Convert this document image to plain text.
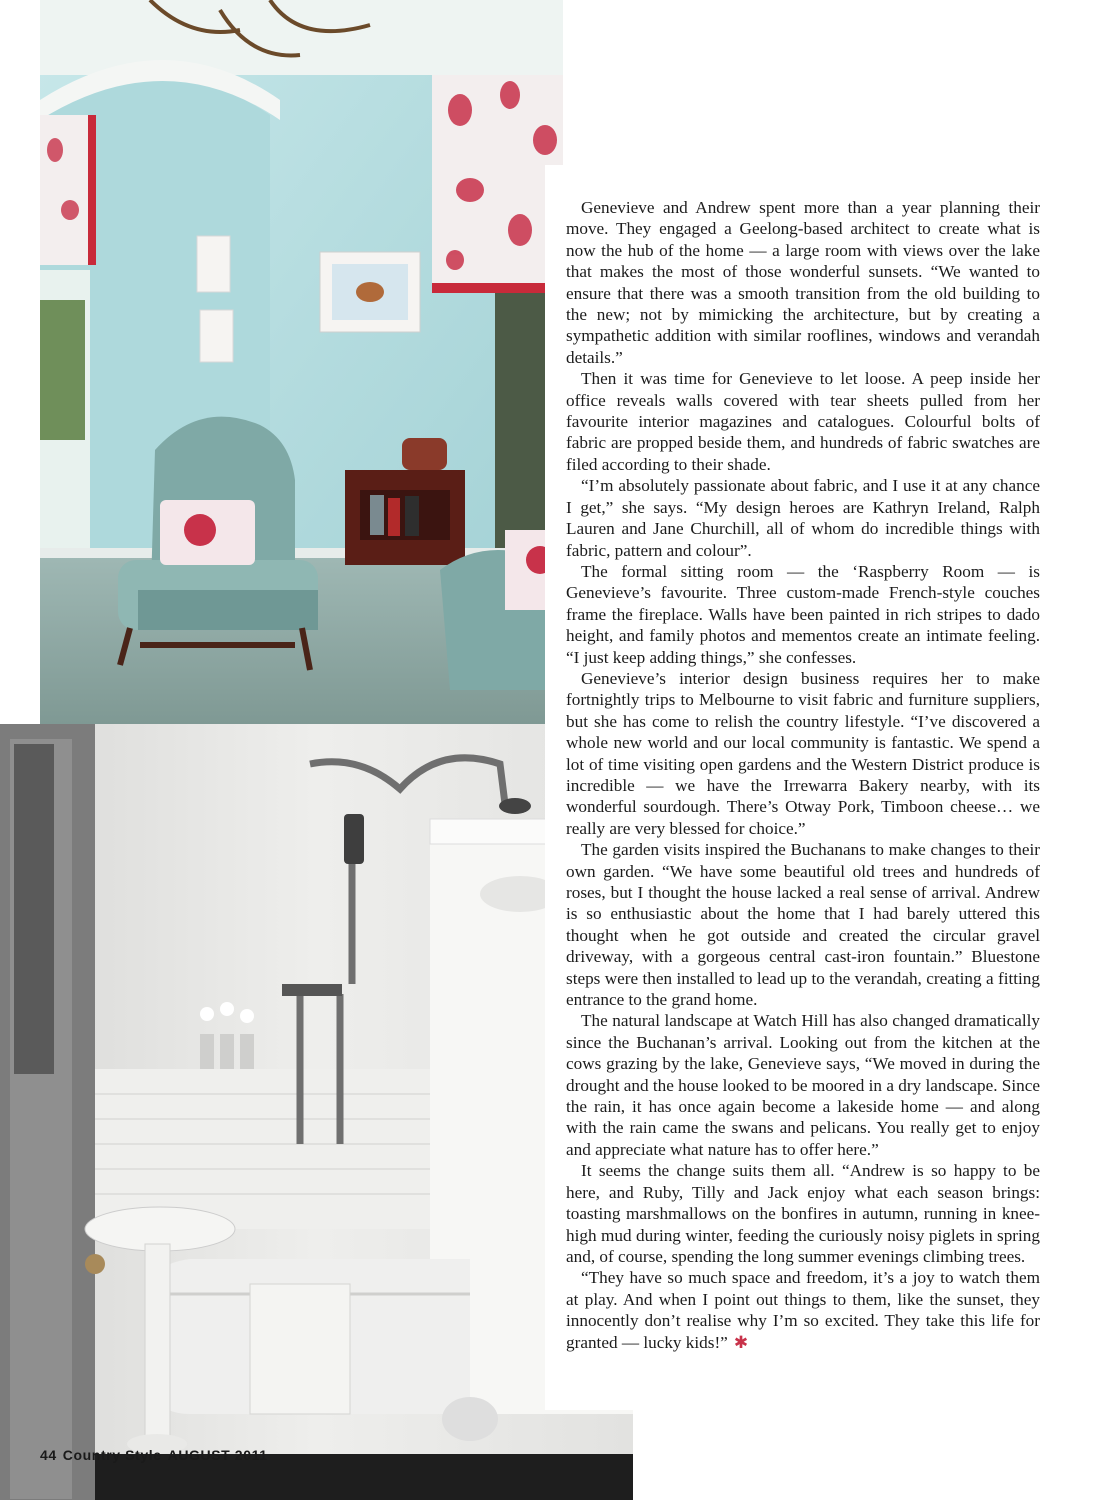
Genevieve and Andrew spent more than a year planning their move. They engaged a Geelong-based architect to create what is now the hub of the home — a large room with views over the lake that makes the most of those wonderful sunsets. “We wanted to ensure that there was a smooth transition from the old building to the new; not by mimicking the architecture, but by creating a sympathetic addition with similar rooflines, windows and verandah details.”

Then it was time for Genevieve to let loose. A peep inside her office reveals walls covered with tear sheets pulled from her favourite interior magazines and catalogues. Colourful bolts of fabric are propped beside them, and hundreds of fabric swatches are filed according to their shade.

“I’m absolutely passionate about fabric, and I use it at any chance I get,” she says. “My design heroes are Kathryn Ireland, Ralph Lauren and Jane Churchill, all of whom do incredible things with fabric, pattern and colour”.

The formal sitting room — the ‘Raspberry Room — is Genevieve’s favourite. Three custom-made French-style couches frame the fireplace. Walls have been painted in rich stripes to dado height, and family photos and mementos create an intimate feeling. “I just keep adding things,” she confesses.

Genevieve’s interior design business requires her to make fortnightly trips to Melbourne to visit fabric and furniture suppliers, but she has come to relish the country lifestyle. “I’ve discovered a whole new world and our local community is fantastic. We spend a lot of time visiting open gardens and the Western District produce is incredible — we have the Irrewarra Bakery nearby, with its wonderful sourdough. There’s Otway Pork, Timboon cheese… we really are very blessed for choice.”

The garden visits inspired the Buchanans to make changes to their own garden. “We have some beautiful old trees and hundreds of roses, but I thought the house lacked a real sense of arrival. Andrew is so enthusiastic about the home that I had barely uttered this thought when he got outside and created the circular gravel driveway, with a gorgeous central cast-iron fountain.” Bluestone steps were then installed to lead up to the verandah, creating a fitting entrance to the grand home.

The natural landscape at Watch Hill has also changed dramatically since the Buchanan’s arrival. Looking out from the kitchen at the cows grazing by the lake, Genevieve says, “We moved in during the drought and the house looked to be moored in a dry landscape. Since the rain, it has once again become a lakeside home — and along with the rain came the swans and pelicans. You really get to enjoy and appreciate what nature has to offer here.”

It seems the change suits them all. “Andrew is so happy to be here, and Ruby, Tilly and Jack enjoy what each season brings: toasting marshmallows on the bonfires in autumn, running in knee-high mud during winter, feeding the curiously noisy piglets in spring and, of course, spending the long summer evenings climbing trees.

“They have so much space and freedom, it’s a joy to watch them at play. And when I point out things to them, like the sunset, they innocently don’t realise why I’m so excited. They take this life for granted — lucky kids!” ✱

44 Country Style AUGUST 2011
